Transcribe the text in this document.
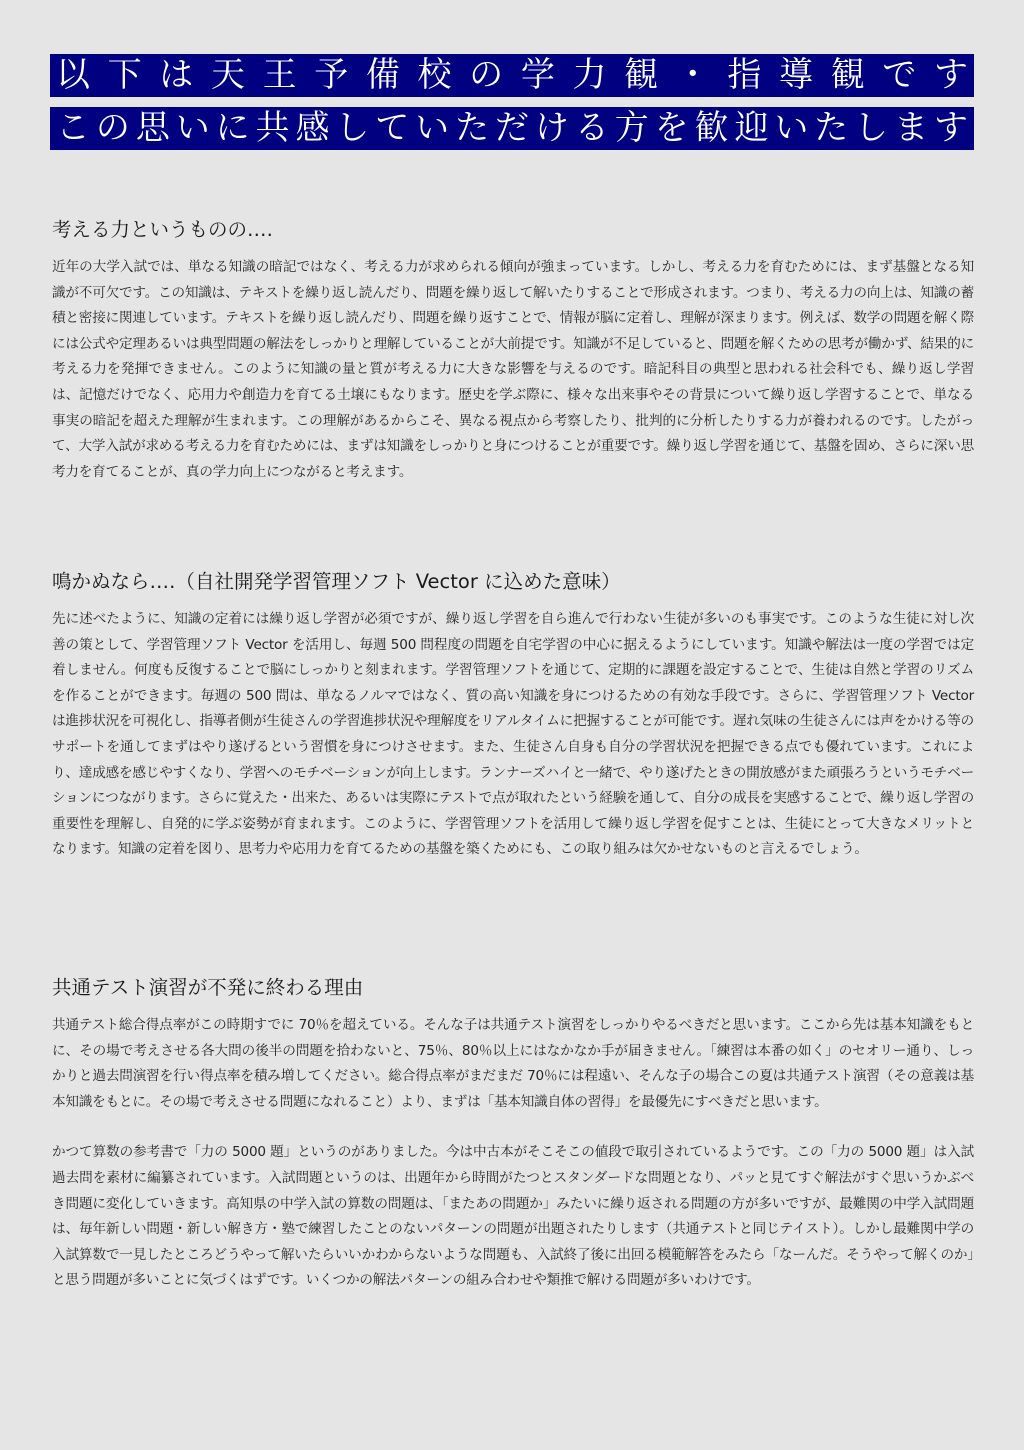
以下は天王予備校の学力観・指導観です
この思いに共感していただける方を歓迎いたします
考える力というものの‥‥

近年の大学入試では、単なる知識の暗記ではなく、考える力が求められる傾向が強まっています。しかし、考える力を育むためには、まず基盤となる知識が不可欠です。この知識は、テキストを繰り返し読んだり、問題を繰り返して解いたりすることで形成されます。つまり、考える力の向上は、知識の蓄積と密接に関連しています。テキストを繰り返し読んだり、問題を繰り返すことで、情報が脳に定着し、理解が深まります。例えば、数学の問題を解く際には公式や定理あるいは典型問題の解法をしっかりと理解していることが大前提です。知識が不足していると、問題を解くための思考が働かず、結果的に考える力を発揮できません。このように知識の量と質が考える力に大きな影響を与えるのです。暗記科目の典型と思われる社会科でも、繰り返し学習は、記憶だけでなく、応用力や創造力を育てる土壌にもなります。歴史を学ぶ際に、様々な出来事やその背景について繰り返し学習することで、単なる事実の暗記を超えた理解が生まれます。この理解があるからこそ、異なる視点から考察したり、批判的に分析したりする力が養われるのです。したがって、大学入試が求める考える力を育むためには、まずは知識をしっかりと身につけることが重要です。繰り返し学習を通じて、基盤を固め、さらに深い思考力を育てることが、真の学力向上につながると考えます。

鳴かぬなら‥‥（自社開発学習管理ソフト Vector に込めた意味）

先に述べたように、知識の定着には繰り返し学習が必須ですが、繰り返し学習を自ら進んで行わない生徒が多いのも事実です。このような生徒に対し次善の策として、学習管理ソフト Vector を活用し、毎週 500 問程度の問題を自宅学習の中心に据えるようにしています。知識や解法は一度の学習では定着しません。何度も反復することで脳にしっかりと刻まれます。学習管理ソフトを通じて、定期的に課題を設定することで、生徒は自然と学習のリズムを作ることができます。毎週の 500 問は、単なるノルマではなく、質の高い知識を身につけるための有効な手段です。さらに、学習管理ソフト Vector は進捗状況を可視化し、指導者側が生徒さんの学習進捗状況や理解度をリアルタイムに把握することが可能です。遅れ気味の生徒さんには声をかける等のサポートを通してまずはやり遂げるという習慣を身につけさせます。また、生徒さん自身も自分の学習状況を把握できる点でも優れています。これにより、達成感を感じやすくなり、学習へのモチベーションが向上します。ランナーズハイと一緒で、やり遂げたときの開放感がまた頑張ろうというモチベーションにつながります。さらに覚えた・出来た、あるいは実際にテストで点が取れたという経験を通して、自分の成長を実感することで、繰り返し学習の重要性を理解し、自発的に学ぶ姿勢が育まれます。このように、学習管理ソフトを活用して繰り返し学習を促すことは、生徒にとって大きなメリットとなります。知識の定着を図り、思考力や応用力を育てるための基盤を築くためにも、この取り組みは欠かせないものと言えるでしょう。

共通テスト演習が不発に終わる理由

共通テスト総合得点率がこの時期すでに 70％を超えている。そんな子は共通テスト演習をしっかりやるべきだと思います。ここから先は基本知識をもとに、その場で考えさせる各大問の後半の問題を拾わないと、75％、80％以上にはなかなか手が届きません。「練習は本番の如く」のセオリー通り、しっかりと過去問演習を行い得点率を積み増してください。総合得点率がまだまだ 70％には程遠い、そんな子の場合この夏は共通テスト演習（その意義は基本知識をもとに。その場で考えさせる問題になれること）より、まずは「基本知識自体の習得」を最優先にすべきだと思います。

かつて算数の参考書で「力の 5000 題」というのがありました。今は中古本がそこそこの値段で取引されているようです。この「力の 5000 題」は入試過去問を素材に編纂されています。入試問題というのは、出題年から時間がたつとスタンダードな問題となり、パッと見てすぐ解法がすぐ思いうかぶべき問題に変化していきます。高知県の中学入試の算数の問題は、「またあの問題か」みたいに繰り返される問題の方が多いですが、最難関の中学入試問題は、毎年新しい問題・新しい解き方・塾で練習したことのないパターンの問題が出題されたりします（共通テストと同じテイスト）。しかし最難関中学の入試算数で一見したところどうやって解いたらいいかわからないような問題も、入試終了後に出回る模範解答をみたら「なーんだ。そうやって解くのか」と思う問題が多いことに気づくはずです。いくつかの解法パターンの組み合わせや類推で解ける問題が多いわけです。
